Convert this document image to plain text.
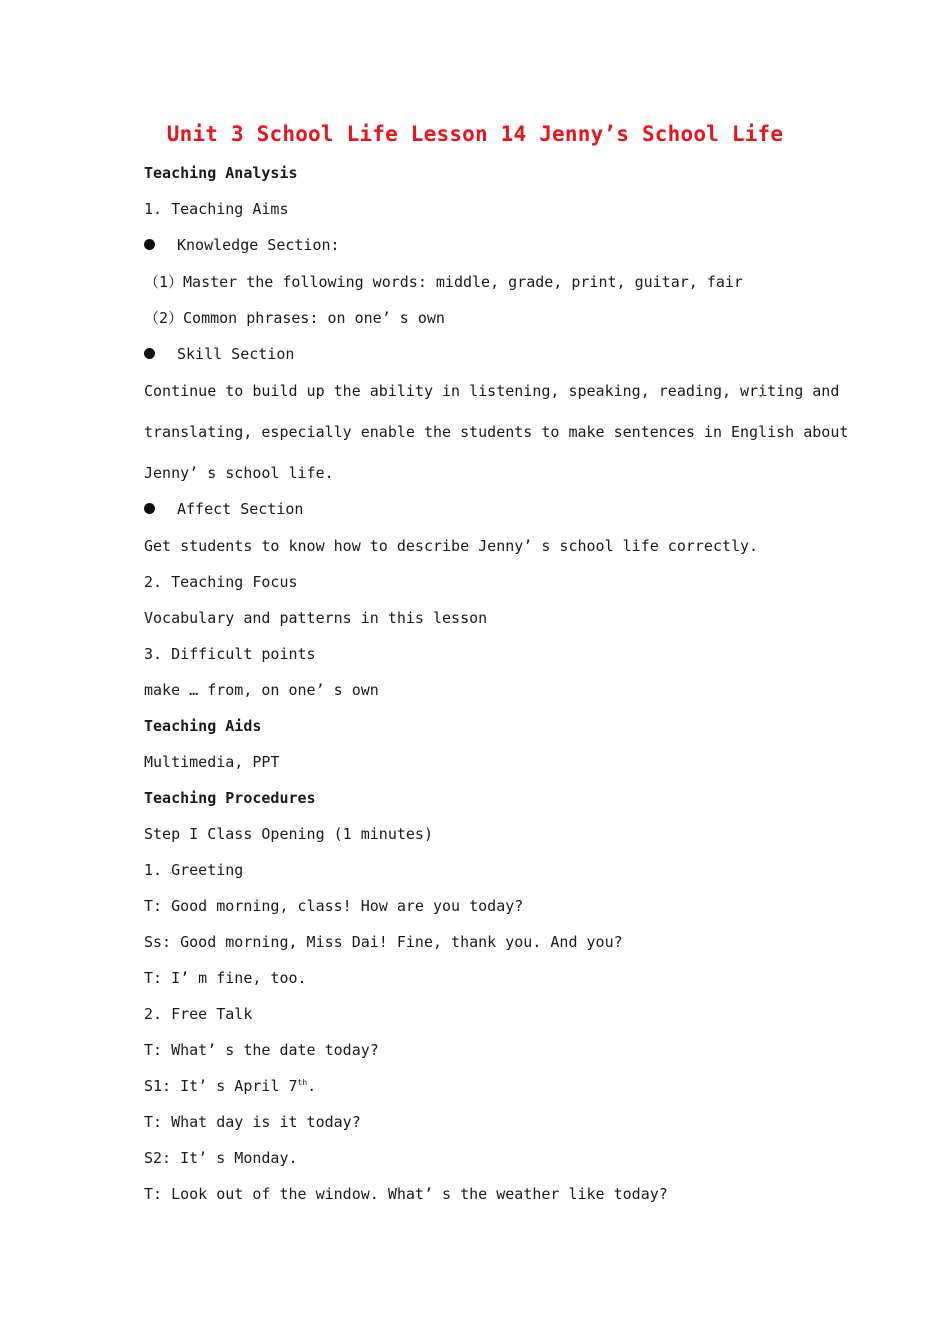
Unit 3 School Life Lesson 14 Jenny’s School Life
Teaching Analysis
1. Teaching Aims
Knowledge Section:
（1）Master the following words: middle, grade, print, guitar, fair
（2）Common phrases: on one’ s own
Skill Section
Continue to build up the ability in listening, speaking, reading, writing and
translating, especially enable the students to make sentences in English about
Jenny’ s school life.
Affect Section
Get students to know how to describe Jenny’ s school life correctly.
2. Teaching Focus
Vocabulary and patterns in this lesson
3. Difficult points
make … from, on one’ s own
Teaching Aids
Multimedia, PPT
Teaching Procedures
Step I Class Opening (1 minutes)
1. Greeting
T: Good morning, class! How are you today?
Ss: Good morning, Miss Dai! Fine, thank you. And you?
T: I’ m fine, too.
2. Free Talk
T: What’ s the date today?
S1: It’ s April 7th.
T: What day is it today?
S2: It’ s Monday.
T: Look out of the window. What’ s the weather like today?
